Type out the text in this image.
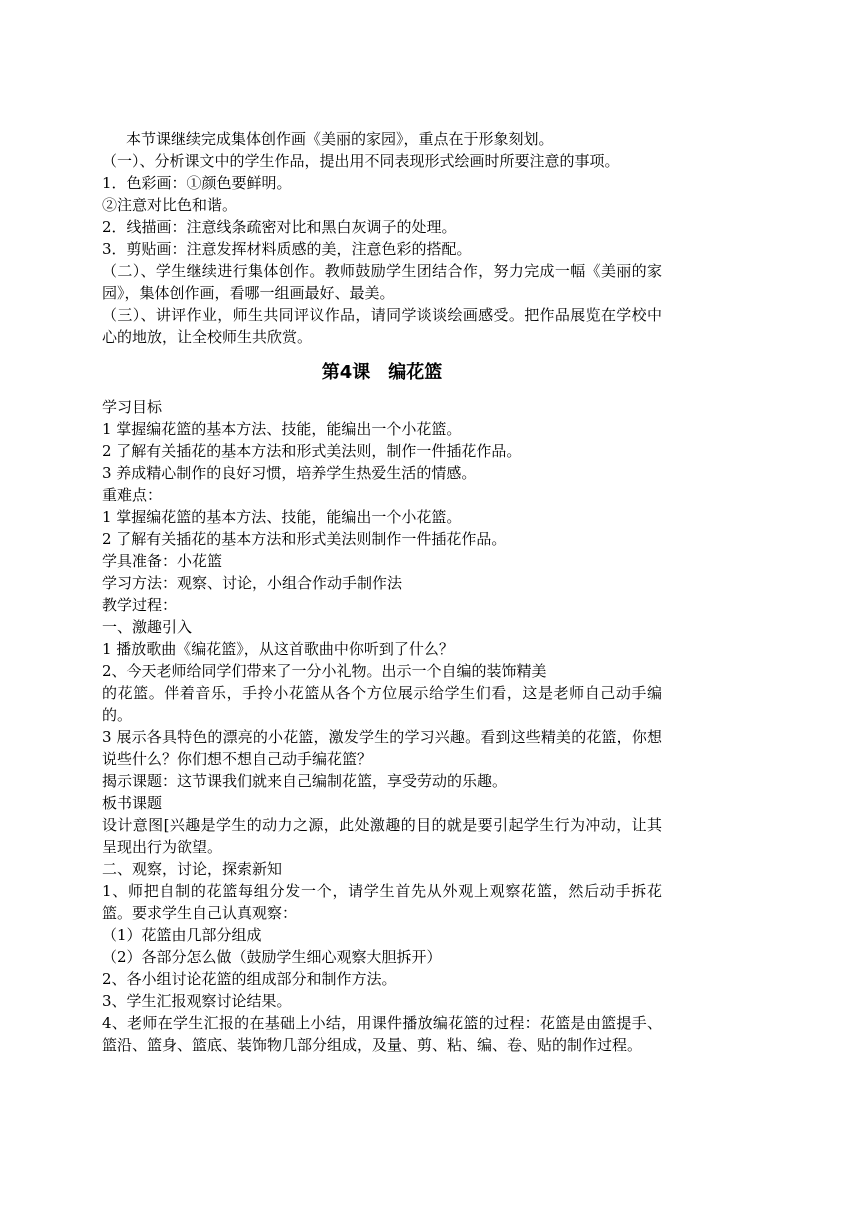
本节课继续完成集体创作画《美丽的家园》，重点在于形象刻划。
（一）、分析课文中的学生作品，提出用不同表现形式绘画时所要注意的事项。
1．色彩画：①颜色要鲜明。
②注意对比色和谐。
2．线描画：注意线条疏密对比和黑白灰调子的处理。
3．剪贴画：注意发挥材料质感的美，注意色彩的搭配。
（二）、学生继续进行集体创作。教师鼓励学生团结合作，努力完成一幅《美丽的家园》，集体创作画，看哪一组画最好、最美。
（三）、讲评作业，师生共同评议作品，请同学谈谈绘画感受。把作品展览在学校中心的地放，让全校师生共欣赏。
第4课　编花篮
学习目标
1 掌握编花篮的基本方法、技能，能编出一个小花篮。
2 了解有关插花的基本方法和形式美法则，制作一件插花作品。
3 养成精心制作的良好习惯，培养学生热爱生活的情感。
重难点：
1 掌握编花篮的基本方法、技能，能编出一个小花篮。
2 了解有关插花的基本方法和形式美法则制作一件插花作品。
学具准备：小花篮
学习方法：观察、讨论，小组合作动手制作法
教学过程：
一、激趣引入
1 播放歌曲《编花篮》，从这首歌曲中你听到了什么？
2、今天老师给同学们带来了一分小礼物。出示一个自编的装饰精美
的花篮。伴着音乐，手拎小花篮从各个方位展示给学生们看，这是老师自己动手编的。
3 展示各具特色的漂亮的小花篮，激发学生的学习兴趣。看到这些精美的花篮，你想说些什么？你们想不想自己动手编花篮？
揭示课题：这节课我们就来自己编制花篮，享受劳动的乐趣。
板书课题
设计意图[兴趣是学生的动力之源，此处激趣的目的就是要引起学生行为冲动，让其呈现出行为欲望。
二、观察，讨论，探索新知
1、师把自制的花篮每组分发一个，请学生首先从外观上观察花篮，然后动手拆花篮。要求学生自己认真观察：
（1）花篮由几部分组成
（2）各部分怎么做（鼓励学生细心观察大胆拆开）
2、各小组讨论花篮的组成部分和制作方法。
3、学生汇报观察讨论结果。
4、老师在学生汇报的在基础上小结，用课件播放编花篮的过程：花篮是由篮提手、篮沿、篮身、篮底、装饰物几部分组成，及量、剪、粘、编、卷、贴的制作过程。
